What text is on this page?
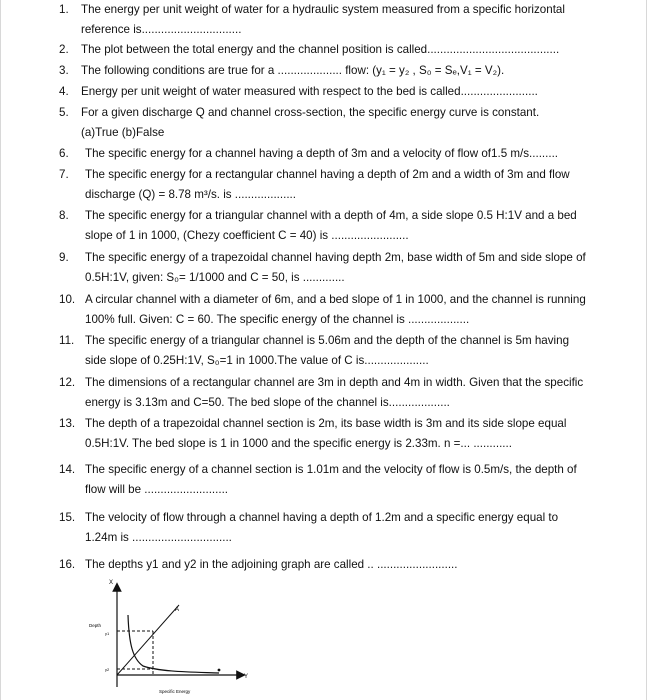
1.	The energy per unit weight of water for a hydraulic system measured from a specific horizontal
reference is...............................
2.	The plot between the total energy and the channel position is called.........................................
3.	The following conditions are true for a .................... flow: (y₁ = y₂ , S₀ = Sₑ,V₁ = V₂).
4.	Energy per unit weight of water measured with respect to the bed is called........................
5.	For a given discharge Q and channel cross-section, the specific energy curve is constant.
(a)True (b)False
6.	The specific energy for a channel having a depth of 3m and a velocity of flow of1.5 m/s.........
7.	The specific energy for a rectangular channel having a depth of 2m and a width of 3m and flow
discharge (Q) = 8.78 m³/s. is ...................
8.	The specific energy for a triangular channel with a depth of 4m, a side slope 0.5 H:1V and a bed
slope of 1 in 1000, (Chezy coefficient C = 40) is ........................
9.	The specific energy of a trapezoidal channel having depth 2m, base width of 5m and side slope of
0.5H:1V, given: S₀= 1/1000 and C = 50, is .............
10. A circular channel with a diameter of 6m, and a bed slope of 1 in 1000, and the channel is running
100% full. Given: C = 60. The specific energy of the channel is ...................
11. The specific energy of a triangular channel is 5.06m and the depth of the channel is 5m having
side slope of 0.25H:1V, S₀=1 in 1000.The value of C is....................
12. The dimensions of a rectangular channel are 3m in depth and 4m in width. Given that the specific
energy is 3.13m and C=50. The bed slope of the channel is...................
13. The depth of a trapezoidal channel section is 2m, its base width is 3m and its side slope equal
0.5H:1V. The bed slope is 1 in 1000 and the specific energy is 2.33m. n =... ............
14. The specific energy of a channel section is 1.01m and the velocity of flow is 0.5m/s, the depth of
flow will be ..........................
15. The velocity of flow through a channel having a depth of 1.2m and a specific energy equal to
1.24m is ...............................
16. The depths y1 and y2 in the adjoining graph are called .. .........................
X
Y
A
Depth
y1
y2
Specific Energy
